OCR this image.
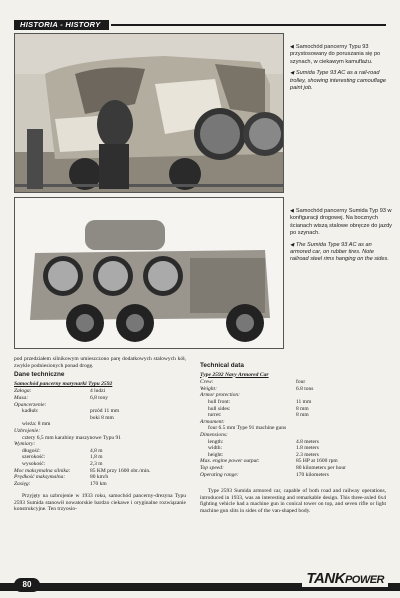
HISTORIA - HISTORY

◀ Samochód pancerny Typu 93 przystosowany do poruszania się po szynach, w ciekawym kamuflażu.

◀ Sumida Type 93 AC as a rail-road trolley, showing interesting camouflage paint job.

◀ Samochód pancerny Sumida Typ 93 w konfiguracji drogowej. Na bocznych ścianach wiszą stalowe obręcze do jazdy po szynach.

◀ The Sumida Type 93 AC as an armored car, on rubber tires. Note railroad steel rims hanging on the sides.

pod przedziałem silnikowym umieszczono parę dodatkowych stalowych kół, zwykle podniesionych ponad drogę.

Dane techniczne
Samochód pancerny marynarki Typu 2592
Załoga:	4 ludzi
Masa:	6,8 tony
Opancerzenie:
kadłub:	przód 11 mm
boki 8 mm
wieża: 8 mm
Uzbrojenie:
cztery 6,5 mm karabiny maszynowe Typu 91
Wymiary:
długość:	4,8 m
szerokość:	1,8 m
wysokość:	2,3 m
Moc maksymalna silnika:	85 KM przy 1600 obr./min.
Prędkość maksymalna:	80 km/h
Zasięg:	170 km

Przyjęty na uzbrojenie w 1933 roku, samochód pancerny-drezyna Typu 2593 Sumida stanowił nowatorskie bardzo ciekawe i oryginalne rozwiązanie konstrukcyjne. Ten trzyosio-

Technical data
Type 2592 Navy Armored Car
Crew:	four
Weight:	6.8 tons
Armor protection:
hull front:	11 mm
hull sides:	8 mm
turret:	8 mm
Armament:
four 6.5 mm Type 91 machine guns
Dimensions:
length:	4.8 meters
width:	1.8 meters
height:	2.3 meters
Max. engine power output:	85 HP at 1600 rpm
Top speed:	80 kilometers per hour
Operating range:	170 kilometers

Type 2593 Sumida armored car, capable of both road and railway operations, introduced in 1933, was an interesting and remarkable design. This three-axled 6x4 fighting vehicle had a machine gun in conical tower on top, and seven rifle or light machine gun slits in sides of the van-shaped body.

80	TANKPOWER
